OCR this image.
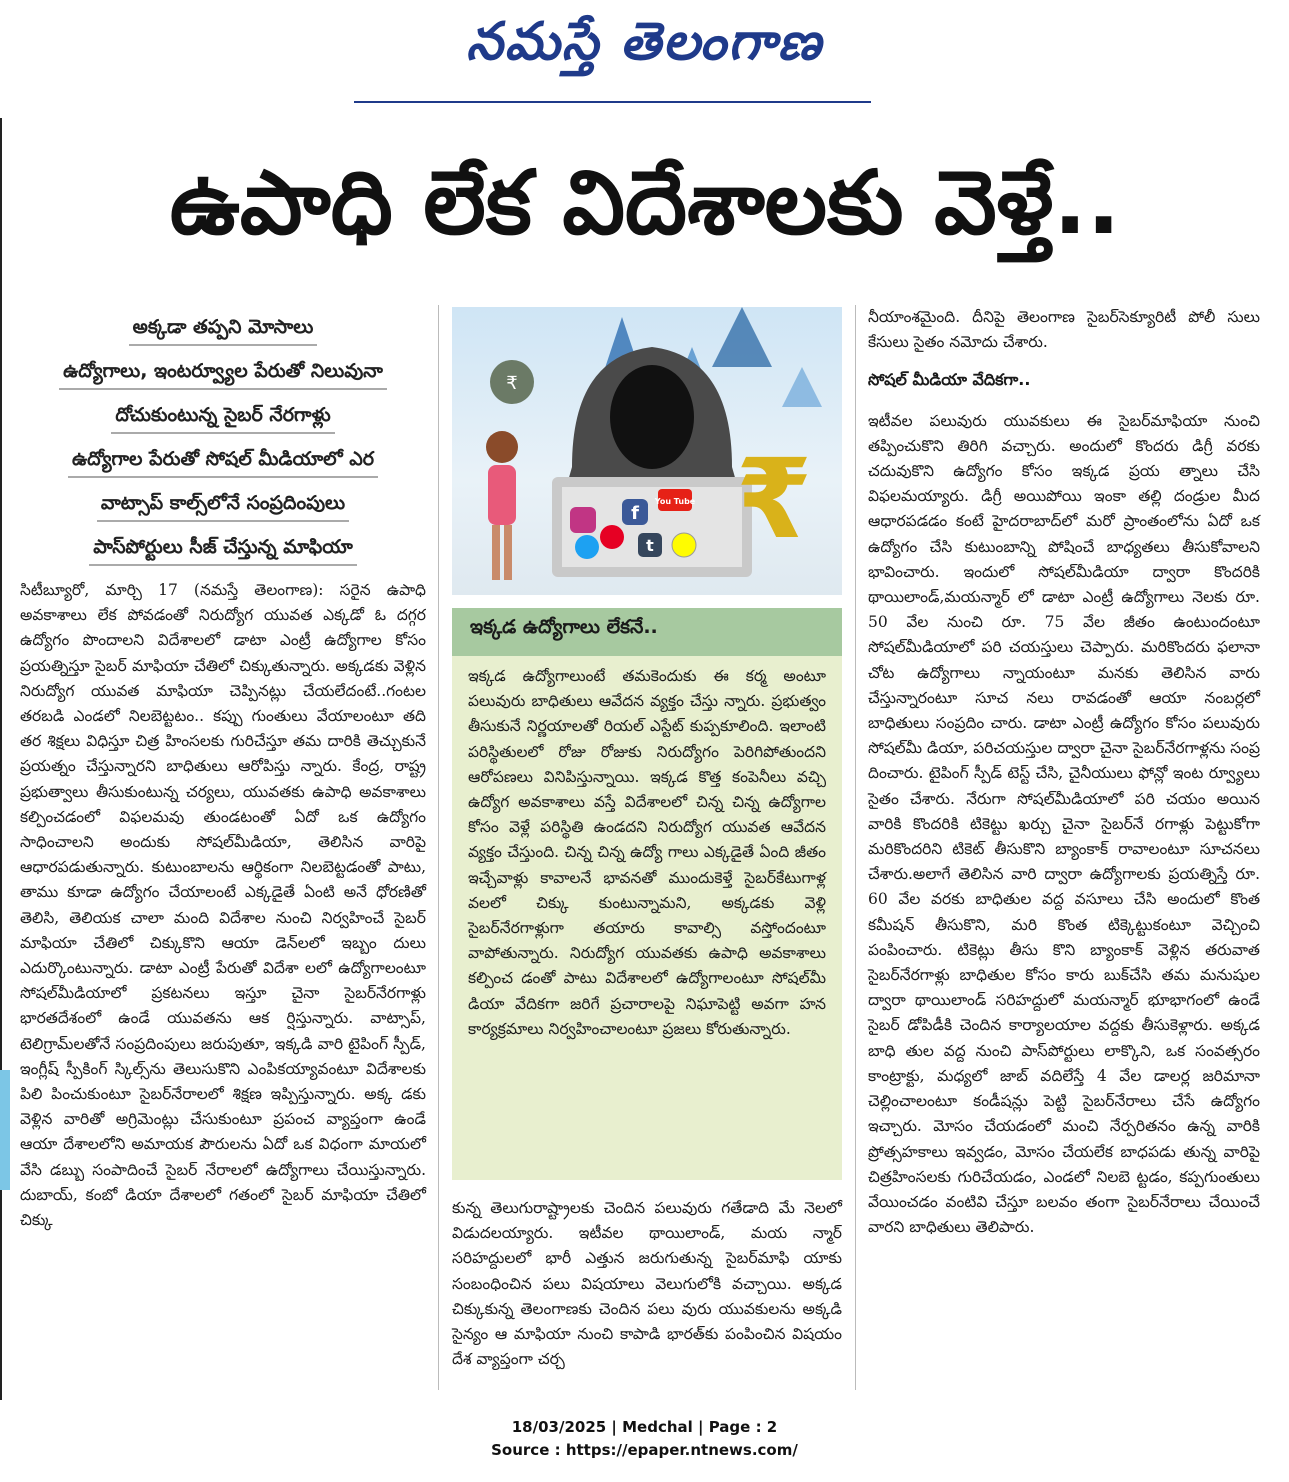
నమస్తే తెలంగాణ
ఉపాధి లేక విదేశాలకు వెళ్తే..
అక్కడా తప్పని మోసాలు
ఉద్యోగాలు, ఇంటర్వ్యూల పేరుతో నిలువునా
దోచుకుంటున్న సైబర్ నేరగాళ్లు
ఉద్యోగాల పేరుతో సోషల్ మీడియాలో ఎర
వాట్సాప్ కాల్స్‌లోనే సంప్రదింపులు
పాస్‌పోర్టులు సీజ్ చేస్తున్న మాఫియా

సిటీబ్యూరో, మార్చి 17 (నమస్తే తెలంగాణ): సరైన ఉపాధి అవకాశాలు లేక పోవడంతో నిరుద్యోగ యువత ఎక్కడో ఓ దగ్గర ఉద్యోగం పొందాలని విదేశాలలో డాటా ఎంట్రీ ఉద్యోగాల కోసం ప్రయత్నిస్తూ సైబర్ మాఫియా చేతిలో చిక్కుతున్నారు. అక్కడకు వెళ్లిన నిరుద్యోగ యువత మాఫియా చెప్పినట్లు చేయలేదంటే..గంటల తరబడి ఎండలో నిలబెట్టటం.. కప్పు గుంతులు వేయాలంటూ తది తర శిక్షలు విధిస్తూ చిత్ర హింసలకు గురిచేస్తూ తమ దారికి తెచ్చుకునే ప్రయత్నం చేస్తున్నారని బాధితులు ఆరోపిస్తు న్నారు. కేంద్ర, రాష్ట్ర ప్రభుత్వాలు తీసుకుంటున్న చర్యలు, యువతకు ఉపాధి అవకాశాలు కల్పించడంలో విఫలమవు తుండటంతో ఏదో ఒక ఉద్యోగం సాధించాలని అందుకు సోషల్‌మీడియా, తెలిసిన వారిపై ఆధారపడుతున్నారు. కుటుంబాలను ఆర్థికంగా నిలబెట్టడంతో పాటు, తాము కూడా ఉద్యోగం చేయాలంటే ఎక్కడైతే ఏంటి అనే ధోరణితో తెలిసి, తెలియక చాలా మంది విదేశాల నుంచి నిర్వహించే సైబర్ మాఫియా చేతిలో చిక్కుకొని ఆయా డెన్‌లలో ఇబ్బం దులు ఎదుర్కొంటున్నారు. డాటా ఎంట్రీ పేరుతో విదేశా లలో ఉద్యోగాలంటూ సోషల్‌మీడియాలో ప్రకటనలు ఇస్తూ చైనా సైబర్‌నేరగాళ్లు భారతదేశంలో ఉండే యువతను ఆక ర్షిస్తున్నారు. వాట్సాప్, టెలిగ్రామ్‌లతోనే సంప్రదింపులు జరుపుతూ, ఇక్కడి వారి టైపింగ్ స్పీడ్, ఇంగ్లీష్ స్పీకింగ్ స్కిల్స్‌ను తెలుసుకొని ఎంపికయ్యావంటూ విదేశాలకు పిలి పించుకుంటూ సైబర్‌నేరాలలో శిక్షణ ఇప్పిస్తున్నారు. అక్క డకు వెళ్లిన వారితో అగ్రిమెంట్లు చేసుకుంటూ ప్రపంచ వ్యాప్తంగా ఉండే ఆయా దేశాలలోని అమాయక పౌరులను ఏదో ఒక విధంగా మాయలో వేసి డబ్బు సంపాదించే సైబర్ నేరాలలో ఉద్యోగాలు చేయిస్తున్నారు. దుబాయ్, కంబో డియా దేశాలలో గతంలో సైబర్ మాఫియా చేతిలో చిక్కు

₹
f
You Tube
t ₹
ఇక్కడ ఉద్యోగాలు లేకనే..
ఇక్కడ ఉద్యోగాలుంటే తమకెందుకు ఈ కర్మ అంటూ పలువురు బాధితులు ఆవేదన వ్యక్తం చేస్తు న్నారు. ప్రభుత్వం తీసుకునే నిర్ణయాలతో రియల్ ఎస్టేట్ కుప్పకూలింది. ఇలాంటి పరిస్థితులలో రోజు రోజుకు నిరుద్యోగం పెరిగిపోతుందని ఆరోపణలు వినిపిస్తున్నాయి. ఇక్కడ కొత్త కంపెనీలు వచ్చి ఉద్యోగ అవకాశాలు వస్తే విదేశాలలో చిన్న చిన్న ఉద్యోగాల కోసం వెళ్లే పరిస్థితి ఉండదని నిరుద్యోగ యువత ఆవేదన వ్యక్తం చేస్తుంది. చిన్న చిన్న ఉద్యో గాలు ఎక్కడైతే ఏంది జీతం ఇచ్చేవాళ్లు కావాలనే భావనతో ముందుకెళ్తే సైబర్‌కేటుగాళ్ల వలలో చిక్కు కుంటున్నామని, అక్కడకు వెళ్లి సైబర్‌నేరగాళ్లుగా తయారు కావాల్సి వస్తోందంటూ వాపోతున్నారు. నిరుద్యోగ యువతకు ఉపాధి అవకాశాలు కల్పించ డంతో పాటు విదేశాలలో ఉద్యోగాలంటూ సోషల్‌మీ డియా వేదికగా జరిగే ప్రచారాలపై నిఘాపెట్టి అవగా హన కార్యక్రమాలు నిర్వహించాలంటూ ప్రజలు కోరుతున్నారు.

కున్న తెలుగురాష్ట్రాలకు చెందిన పలువురు గతేడాది మే నెలలో విడుదలయ్యారు. ఇటీవల థాయిలాండ్, మయ న్మార్ సరిహద్దులలో భారీ ఎత్తున జరుగుతున్న సైబర్‌మాఫి యాకు సంబంధించిన పలు విషయాలు వెలుగులోకి వచ్చాయి. అక్కడ చిక్కుకున్న తెలంగాణకు చెందిన పలు వురు యువకులను అక్కడి సైన్యం ఆ మాఫియా నుంచి కాపాడి భారత్‌కు పంపించిన విషయం దేశ వ్యాప్తంగా చర్చ

నీయాంశమైంది. దీనిపై తెలంగాణ సైబర్‌సెక్యూరిటీ పోలీ సులు కేసులు సైతం నమోదు చేశారు.

సోషల్ మీడియా వేదికగా..

ఇటీవల పలువురు యువకులు ఈ సైబర్‌మాఫియా నుంచి తప్పించుకొని తిరిగి వచ్చారు. అందులో కొందరు డిగ్రీ వరకు చదువుకొని ఉద్యోగం కోసం ఇక్కడ ప్రయ త్నాలు చేసి విఫలమయ్యారు. డిగ్రీ అయిపోయి ఇంకా తల్లి దండ్రుల మీద ఆధారపడడం కంటే హైదరాబాద్‌లో మరో ప్రాంతంలోను ఏదో ఒక ఉద్యోగం చేసి కుటుంబాన్ని పోషించే బాధ్యతలు తీసుకోవాలని భావించారు. ఇందులో సోషల్‌మీడియా ద్వారా కొందరికి థాయిలాండ్,మయన్మార్ లో డాటా ఎంట్రీ ఉద్యోగాలు నెలకు రూ. 50 వేల నుంచి రూ. 75 వేల జీతం ఉంటుందంటూ సోషల్‌మీడియాలో పరి చయస్తులు చెప్పారు. మరికొందరు ఫలానా చోట ఉద్యోగాలు న్నాయంటూ మనకు తెలిసిన వారు చేస్తున్నారంటూ సూచ నలు రావడంతో ఆయా నంబర్లలో బాధితులు సంప్రదిం చారు. డాటా ఎంట్రీ ఉద్యోగం కోసం పలువురు సోషల్‌మీ డియా, పరిచయస్తుల ద్వారా చైనా సైబర్‌నేరగాళ్లను సంప్ర దించారు. టైపింగ్ స్పీడ్ టెస్ట్ చేసి, చైనీయులు ఫోన్లో ఇంట ర్వ్యూలు సైతం చేశారు. నేరుగా సోషల్‌మీడియాలో పరి చయం అయిన వారికి కొందరికి టికెట్టు ఖర్చు చైనా సైబర్‌నే రగాళ్లు పెట్టుకోగా మరికొందరిని టికెట్ తీసుకొని బ్యాంకాక్ రావాలంటూ సూచనలు చేశారు.అలాగే తెలిసిన వారి ద్వారా ఉద్యోగాలకు ప్రయత్నిస్తే రూ. 60 వేల వరకు బాధితుల వద్ద వసూలు చేసి అందులో కొంత కమీషన్ తీసుకొని, మరి కొంత టిక్కెట్టుకంటూ వెచ్చించి పంపించారు. టికెట్లు తీసు కొని బ్యాంకాక్ వెళ్లిన తరువాత సైబర్‌నేరగాళ్లు బాధితుల కోసం కారు బుక్‌చేసి తమ మనుషుల ద్వారా థాయిలాండ్ సరిహద్దులో మయన్మార్ భూభాగంలో ఉండే సైబర్ డోపిడీకి చెందిన కార్యాలయాల వద్దకు తీసుకెళ్లారు. అక్కడ బాధి తుల వద్ద నుంచి పాస్‌పోర్టులు లాక్కొని, ఒక సంవత్సరం కాంట్రాక్టు, మధ్యలో జాబ్ వదిలేస్తే 4 వేల డాలర్ల జరిమానా చెల్లించాలంటూ కండీషన్లు పెట్టి సైబర్‌నేరాలు చేసే ఉద్యోగం ఇచ్చారు. మోసం చేయడంలో మంచి నేర్పరితనం ఉన్న వారికి ప్రోత్సహకాలు ఇవ్వడం, మోసం చేయలేక బాధపడు తున్న వారిపై చిత్రహింసలకు గురిచేయడం, ఎండలో నిలబె ట్టడం, కప్పగుంతులు వేయించడం వంటివి చేస్తూ బలవం తంగా సైబర్‌నేరాలు చేయించే వారని బాధితులు తెలిపారు.

18/03/2025 | Medchal | Page : 2
Source : https://epaper.ntnews.com/
